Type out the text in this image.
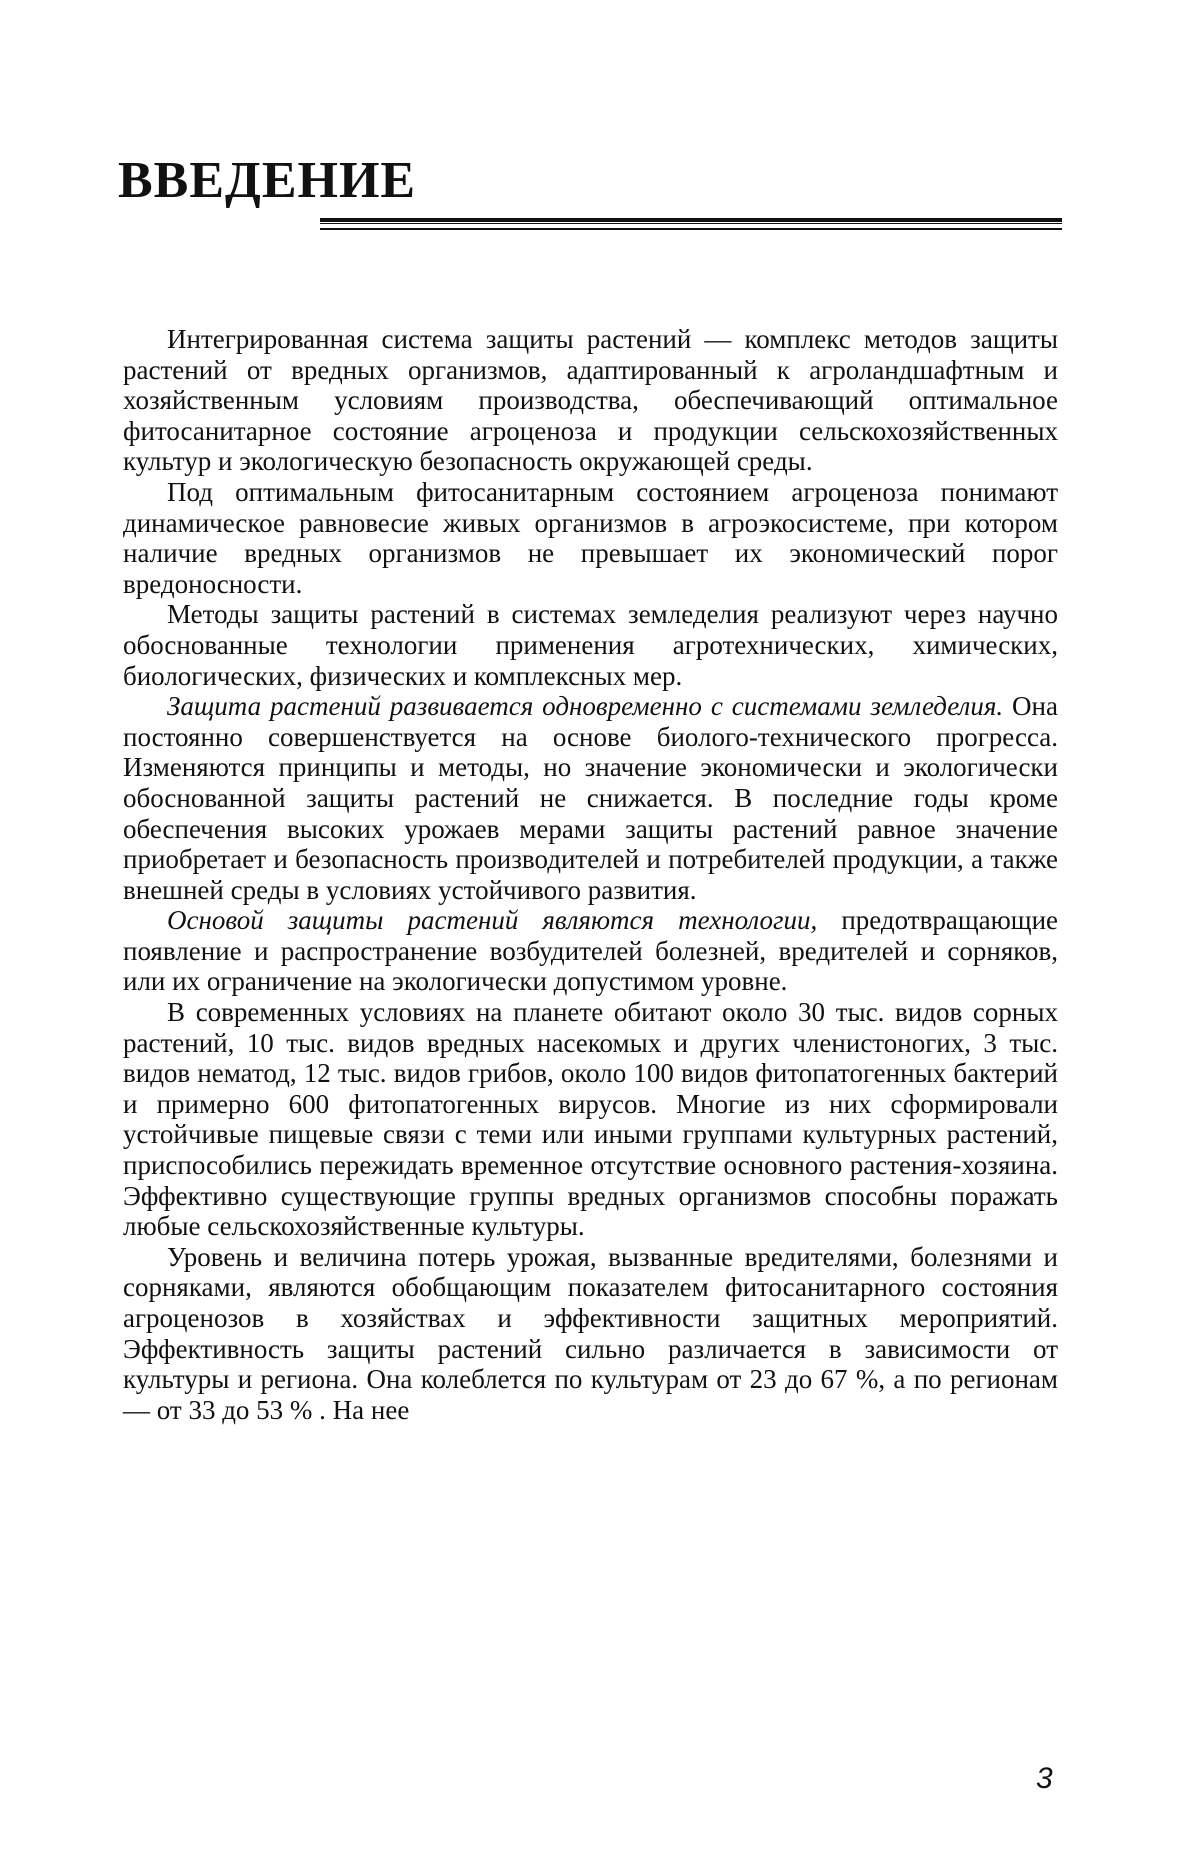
ВВЕДЕНИЕ

Интегрированная система защиты растений — комплекс методов защиты растений от вредных организмов, адаптированный к агроландшафтным и хозяйственным условиям производства, обеспечивающий оптимальное фитосанитарное состояние агроценоза и продукции сельскохозяйственных культур и экологическую безопасность окружающей среды.

Под оптимальным фитосанитарным состоянием агроценоза понимают динамическое равновесие живых организмов в агроэкосистеме, при котором наличие вредных организмов не превышает их экономический порог вредоносности.

Методы защиты растений в системах земледелия реализуют через научно обоснованные технологии применения агротехнических, химических, биологических, физических и комплексных мер.

Защита растений развивается одновременно с системами земледелия. Она постоянно совершенствуется на основе биолого-технического прогресса. Изменяются принципы и методы, но значение экономически и экологически обоснованной защиты растений не снижается. В последние годы кроме обеспечения высоких урожаев мерами защиты растений равное значение приобретает и безопасность производителей и потребителей продукции, а также внешней среды в условиях устойчивого развития.

Основой защиты растений являются технологии, предотвращающие появление и распространение возбудителей болезней, вредителей и сорняков, или их ограничение на экологически допустимом уровне.

В современных условиях на планете обитают около 30 тыс. видов сорных растений, 10 тыс. видов вредных насекомых и других членистоногих, 3 тыс. видов нематод, 12 тыс. видов грибов, около 100 видов фитопатогенных бактерий и примерно 600 фитопатогенных вирусов. Многие из них сформировали устойчивые пищевые связи с теми или иными группами культурных растений, приспособились пережидать временное отсутствие основного растения-хозяина. Эффективно существующие группы вредных организмов способны поражать любые сельскохозяйственные культуры.

Уровень и величина потерь урожая, вызванные вредителями, болезнями и сорняками, являются обобщающим показателем фитосанитарного состояния агроценозов в хозяйствах и эффективности защитных мероприятий. Эффективность защиты растений сильно различается в зависимости от культуры и региона. Она колеблется по культурам от 23 до 67 %, а по регионам — от 33 до 53 % . На нее

3
